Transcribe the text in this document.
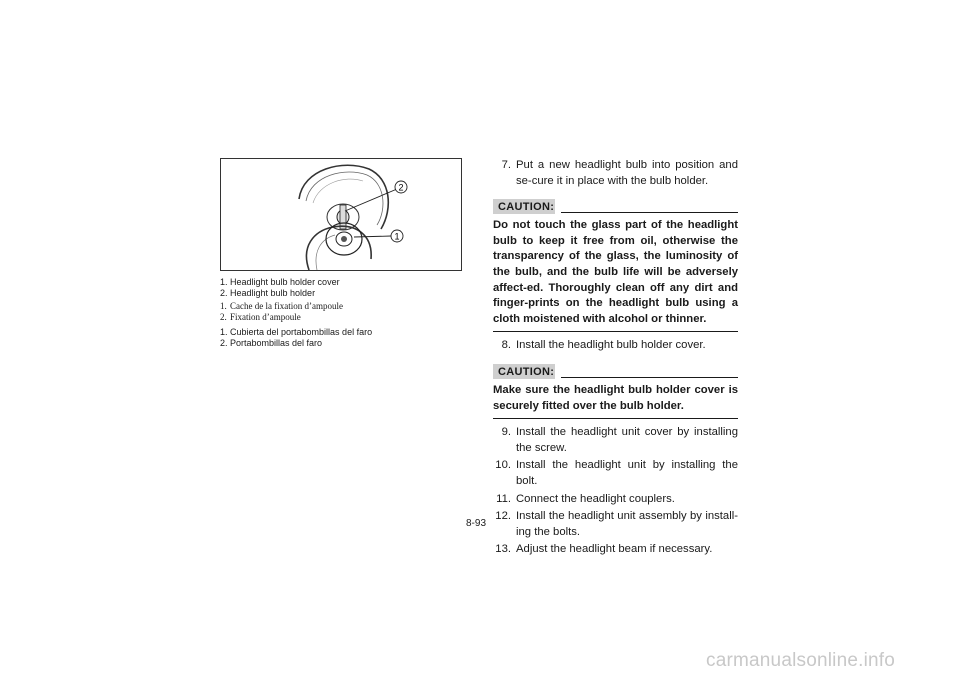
2
1
1. Headlight bulb holder cover
2. Headlight bulb holder
1. Cache de la fixation d’ampoule
2. Fixation d’ampoule
1. Cubierta del portabombillas del faro
2. Portabombillas del faro
7. Put a new headlight bulb into position and se-cure it in place with the bulb holder.
CAUTION:
Do not touch the glass part of the headlight bulb to keep it free from oil, otherwise the transparency of the glass, the luminosity of the bulb, and the bulb life will be adversely affect-ed. Thoroughly clean off any dirt and finger-prints on the headlight bulb using a cloth moistened with alcohol or thinner.
8. Install the headlight bulb holder cover.
CAUTION:
Make sure the headlight bulb holder cover is securely fitted over the bulb holder.
9. Install the headlight unit cover by installing the screw.
10. Install the headlight unit by installing the bolt.
11. Connect the headlight couplers.
12. Install the headlight unit assembly by install-ing the bolts.
13. Adjust the headlight beam if necessary.
8-93
carmanualsonline.info
